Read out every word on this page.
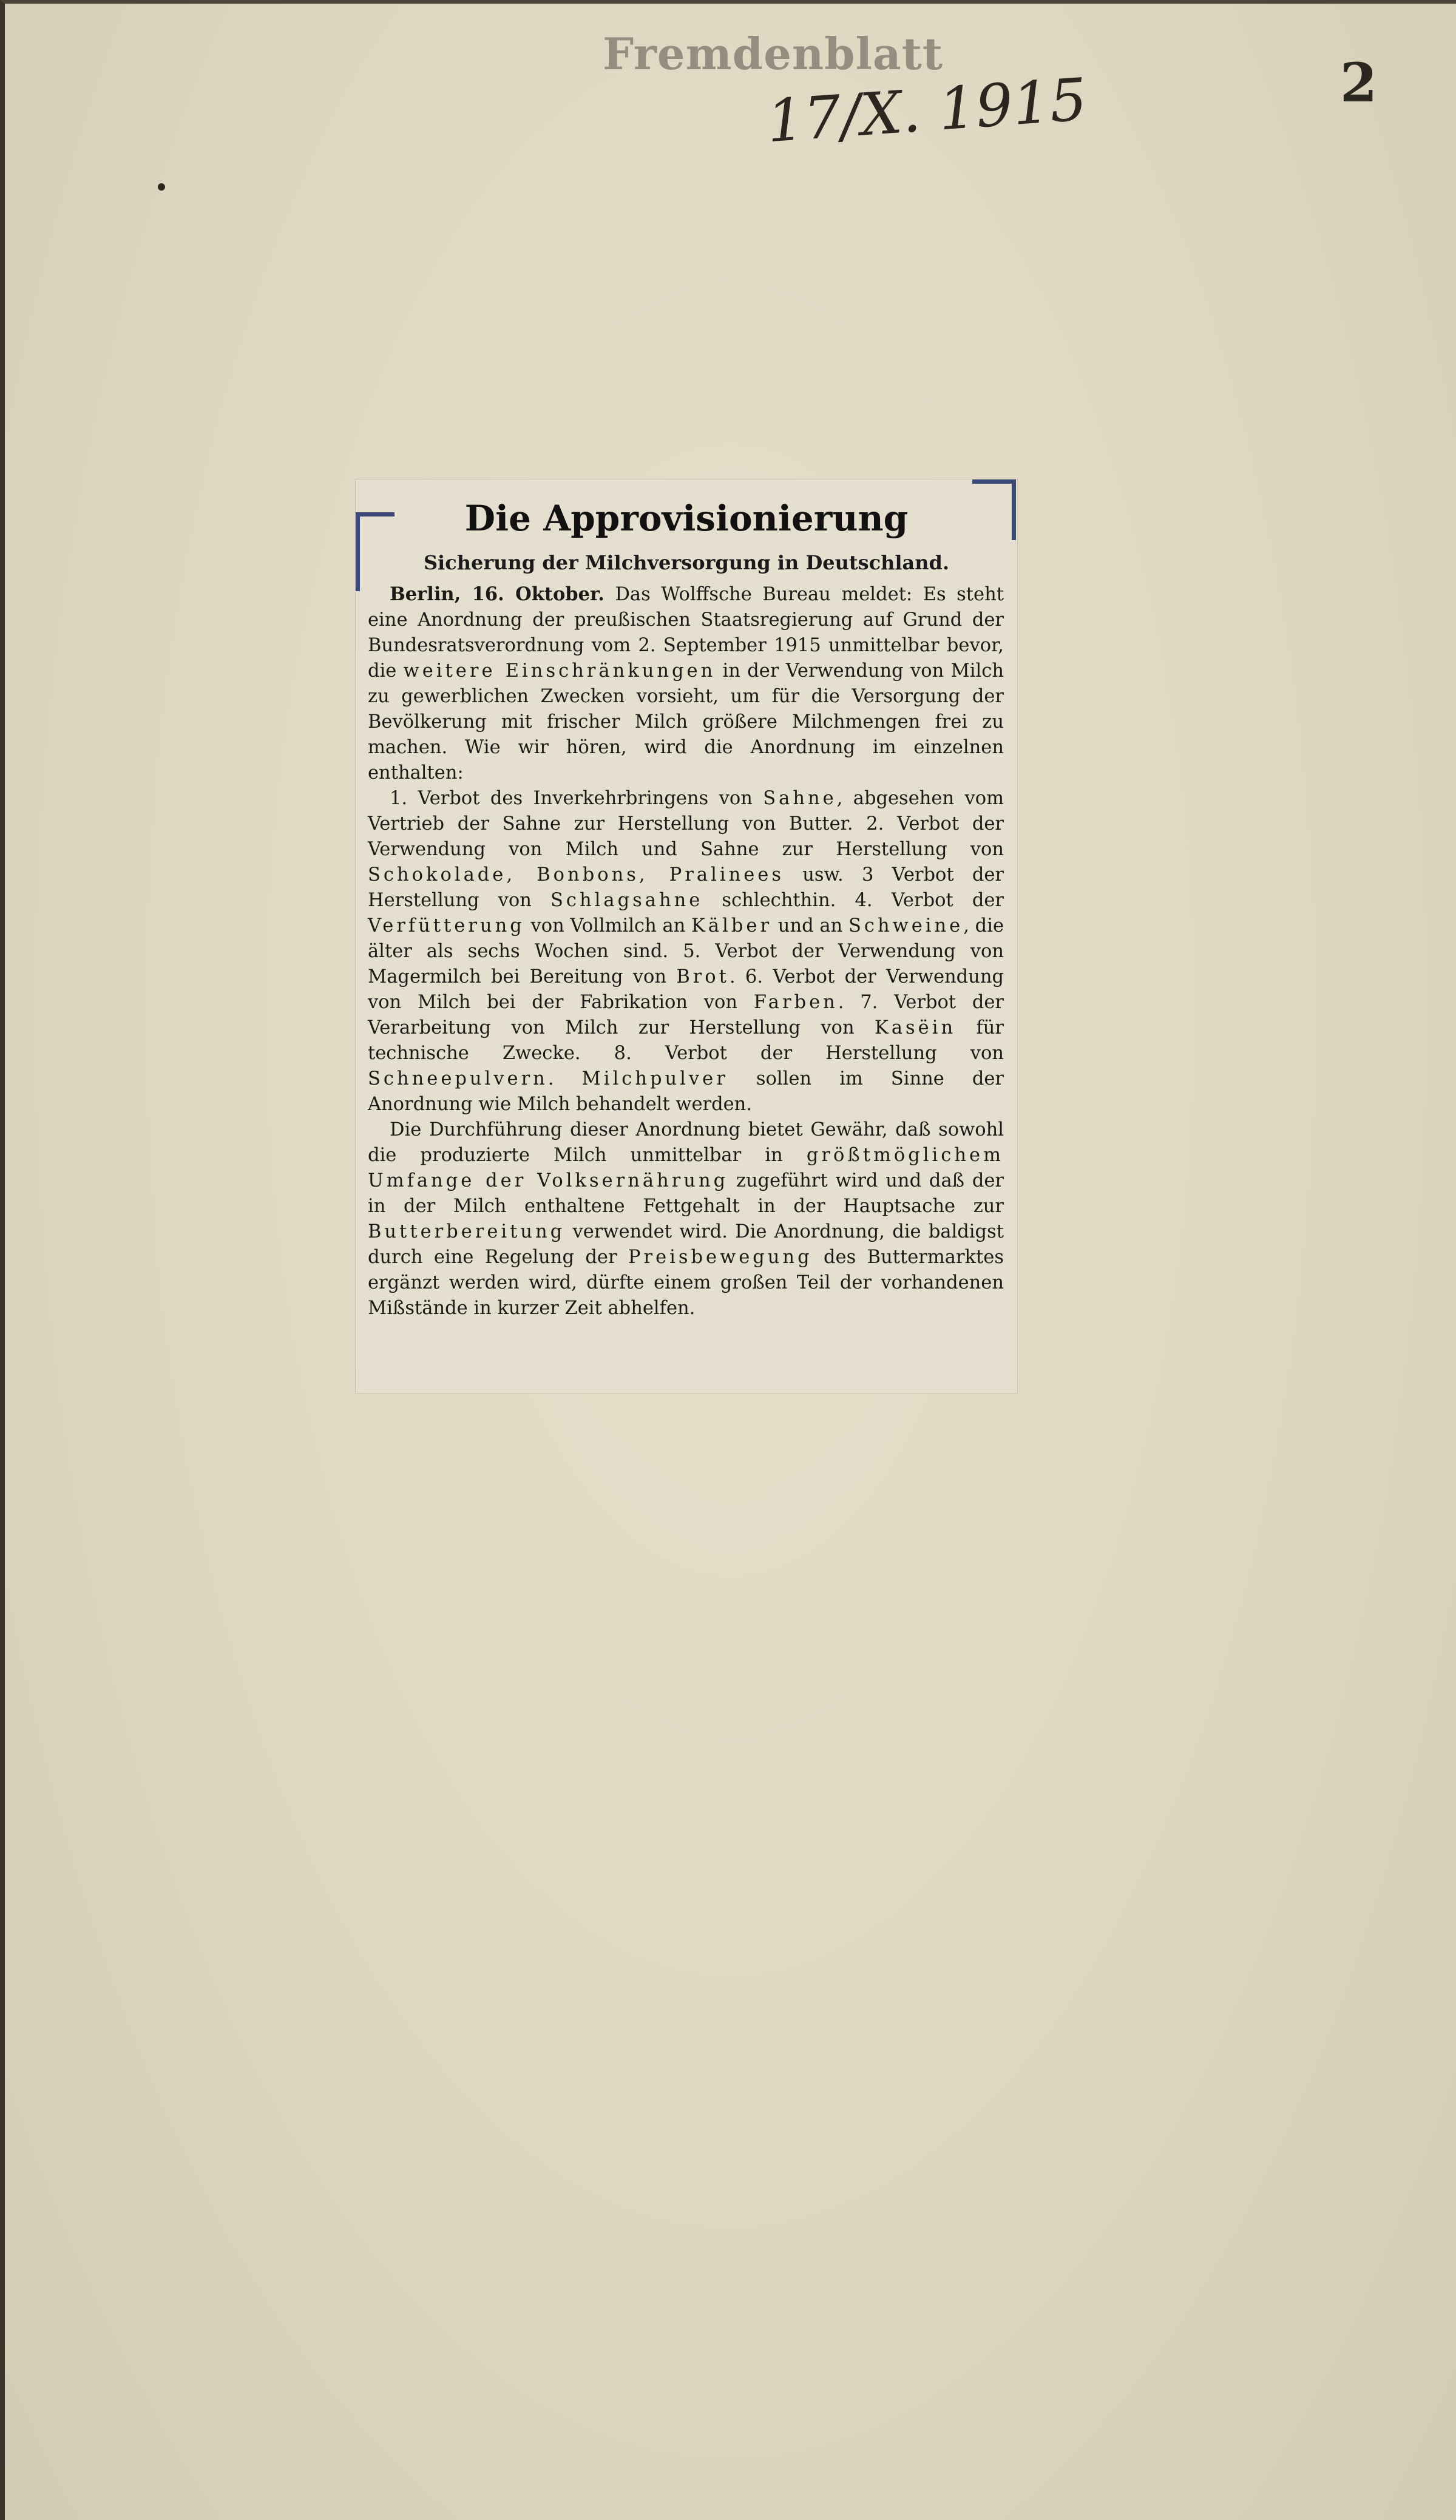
Fremdenblatt
17/X. 1915	2
Die Approvisionierung
Sicherung der Milchversorgung in Deutschland.

Berlin, 16. Oktober. Das Wolffsche Bureau meldet: Es steht eine Anordnung der preußischen Staatsregierung auf Grund der Bundesratsverordnung vom 2. September 1915 unmittelbar bevor, die weitere Einschränkungen in der Verwendung von Milch zu gewerblichen Zwecken vorsieht, um für die Versorgung der Bevölkerung mit frischer Milch größere Milchmengen frei zu machen. Wie wir hören, wird die Anordnung im einzelnen enthalten:

1. Verbot des Inverkehrbringens von Sahne, abgesehen vom Vertrieb der Sahne zur Herstellung von Butter. 2. Verbot der Verwendung von Milch und Sahne zur Herstellung von Schokolade, Bonbons, Pralinees usw. 3 Verbot der Herstellung von Schlagsahne schlechthin. 4. Verbot der Verfütterung von Vollmilch an Kälber und an Schweine, die älter als sechs Wochen sind. 5. Verbot der Verwendung von Magermilch bei Bereitung von Brot. 6. Verbot der Verwendung von Milch bei der Fabrikation von Farben. 7. Verbot der Verarbeitung von Milch zur Herstellung von Kasëin für technische Zwecke. 8. Verbot der Herstellung von Schneepulvern. Milchpulver sollen im Sinne der Anordnung wie Milch behandelt werden.

Die Durchführung dieser Anordnung bietet Gewähr, daß sowohl die produzierte Milch unmittelbar in größtmöglichem Umfange der Volksernährung zugeführt wird und daß der in der Milch enthaltene Fettgehalt in der Hauptsache zur Butterbereitung verwendet wird. Die Anordnung, die baldigst durch eine Regelung der Preisbewegung des Buttermarktes ergänzt werden wird, dürfte einem großen Teil der vorhandenen Mißstände in kurzer Zeit abhelfen.
